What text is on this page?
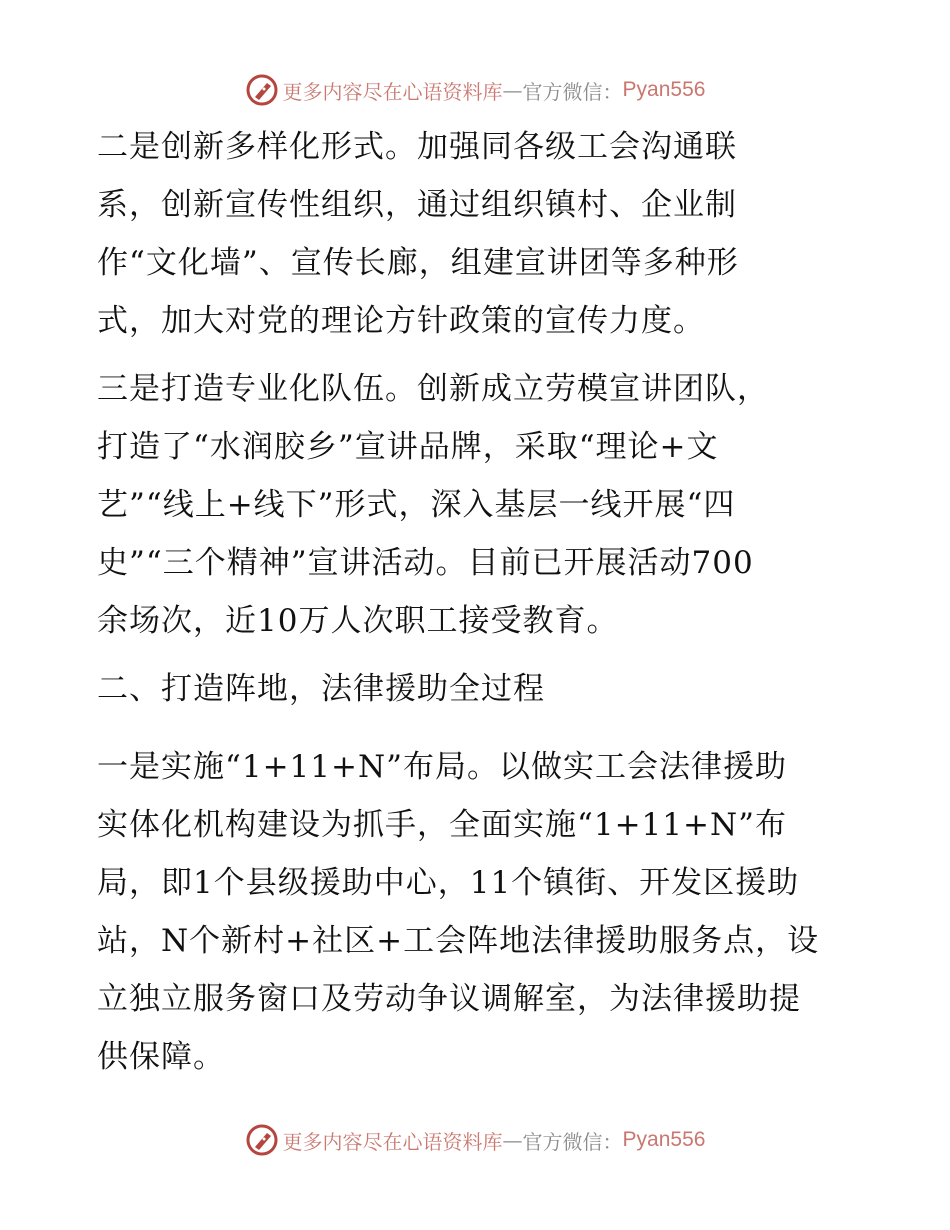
更多内容尽在心语资料库 — 官方微信： Pyan556
二是创新多样化形式。加强同各级工会沟通联
系，创新宣传性组织，通过组织镇村、企业制
作“文化墙”、宣传长廊，组建宣讲团等多种形
式，加大对党的理论方针政策的宣传力度。
三是打造专业化队伍。创新成立劳模宣讲团队，
打造了“水润胶乡”宣讲品牌，采取“理论+文
艺”“线上+线下”形式，深入基层一线开展“四
史”“三个精神”宣讲活动。目前已开展活动700
余场次，近10万人次职工接受教育。
二、打造阵地，法律援助全过程
一是实施“1+11+N”布局。以做实工会法律援助
实体化机构建设为抓手，全面实施“1+11+N”布
局，即1个县级援助中心，11个镇街、开发区援助
站，N个新村+社区+工会阵地法律援助服务点，设
立独立服务窗口及劳动争议调解室，为法律援助提
供保障。
更多内容尽在心语资料库 — 官方微信： Pyan556
